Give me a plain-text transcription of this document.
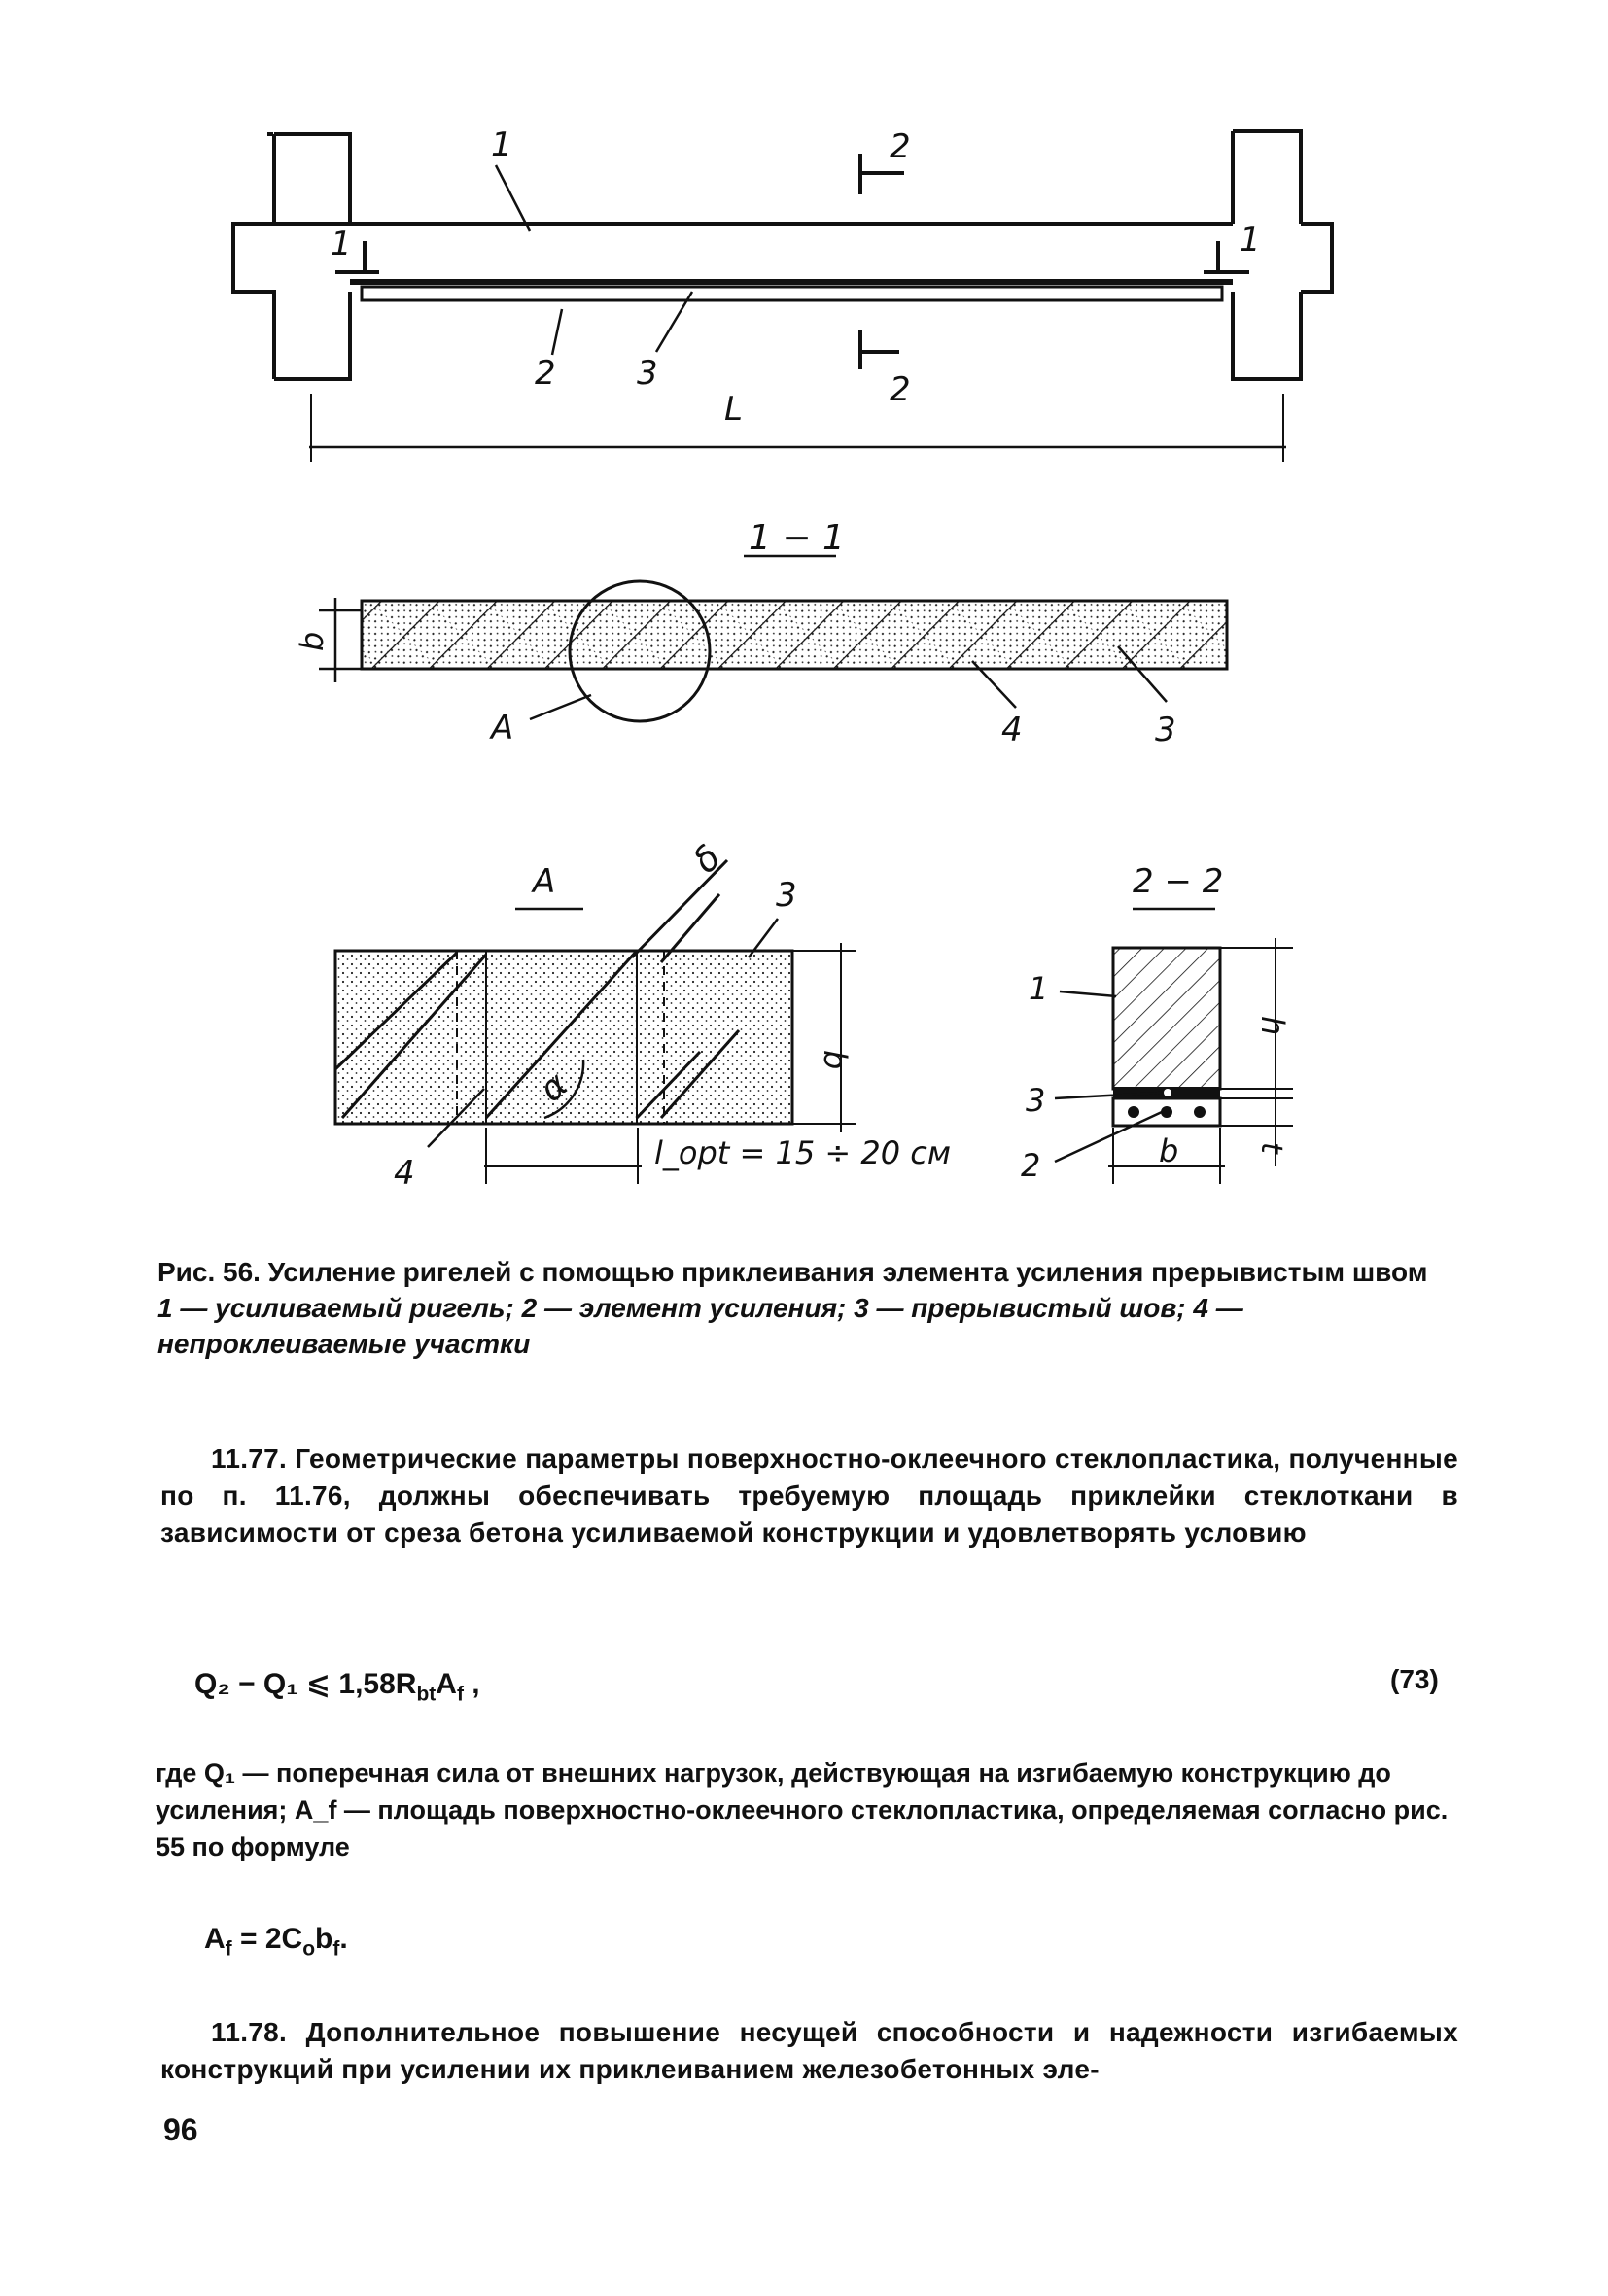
1	2
2
1	1
2 3
L
1 − 1
b
A	4	3
A
δ
3
α
b
4
l_opt = 15 ÷ 20 см
2 − 2
1
3
2
h
t
b
Рис. 56. Усиление ригелей с помощью приклеивания элемента усиления прерывистым швом
1 — усиливаемый ригель; 2 — элемент усиления; 3 — прерывистый шов; 4 — непроклеиваемые участки
11.77. Геометрические параметры поверхностно-оклеечного стеклопластика, полученные по п. 11.76, должны обеспечивать требуемую площадь приклейки стеклоткани в зависимости от среза бетона усиливаемой конструкции и удовлетворять условию
Q₂ − Q₁ ⩽ $1,58R_{bt}A_f$ ,	(73)
где Q₁ — поперечная сила от внешних нагрузок, действующая на изгибаемую конструкцию до усиления; A_f — площадь поверхностно-оклеечного стеклопластика, определяемая согласно рис. 55 по формуле
$A_f = 2C_ob_f$.
11.78. Дополнительное повышение несущей способности и надежности изгибаемых конструкций при усилении их приклеиванием железобетонных эле-
96
